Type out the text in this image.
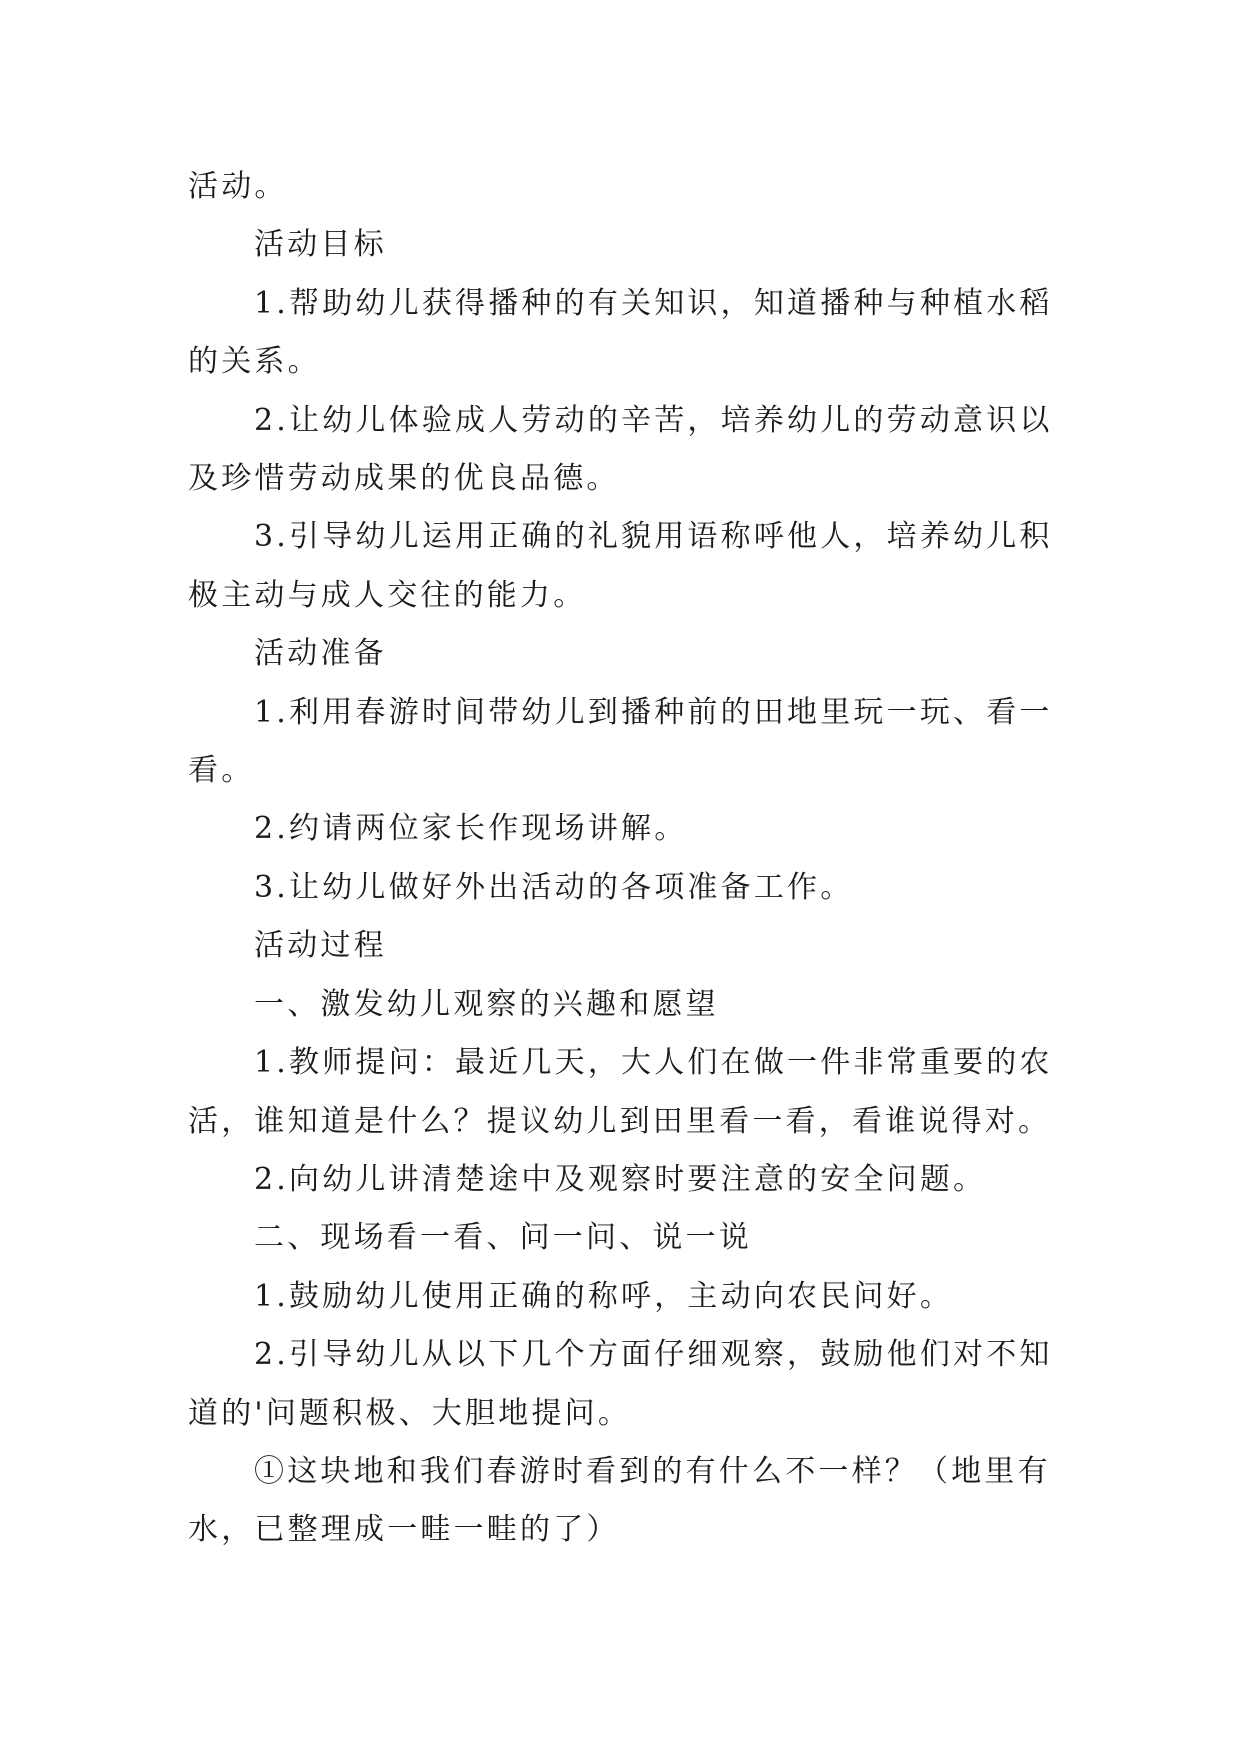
活动。

活动目标

1.帮助幼儿获得播种的有关知识，知道播种与种植水稻的关系。

2.让幼儿体验成人劳动的辛苦，培养幼儿的劳动意识以及珍惜劳动成果的优良品德。

3.引导幼儿运用正确的礼貌用语称呼他人，培养幼儿积极主动与成人交往的能力。

活动准备

1.利用春游时间带幼儿到播种前的田地里玩一玩、看一看。

2.约请两位家长作现场讲解。

3.让幼儿做好外出活动的各项准备工作。

活动过程

一、激发幼儿观察的兴趣和愿望

1.教师提问：最近几天，大人们在做一件非常重要的农活，谁知道是什么？提议幼儿到田里看一看，看谁说得对。

2.向幼儿讲清楚途中及观察时要注意的安全问题。

二、现场看一看、问一问、说一说

1.鼓励幼儿使用正确的称呼，主动向农民问好。

2.引导幼儿从以下几个方面仔细观察，鼓励他们对不知道的'问题积极、大胆地提问。

①这块地和我们春游时看到的有什么不一样？（地里有水，已整理成一畦一畦的了）
